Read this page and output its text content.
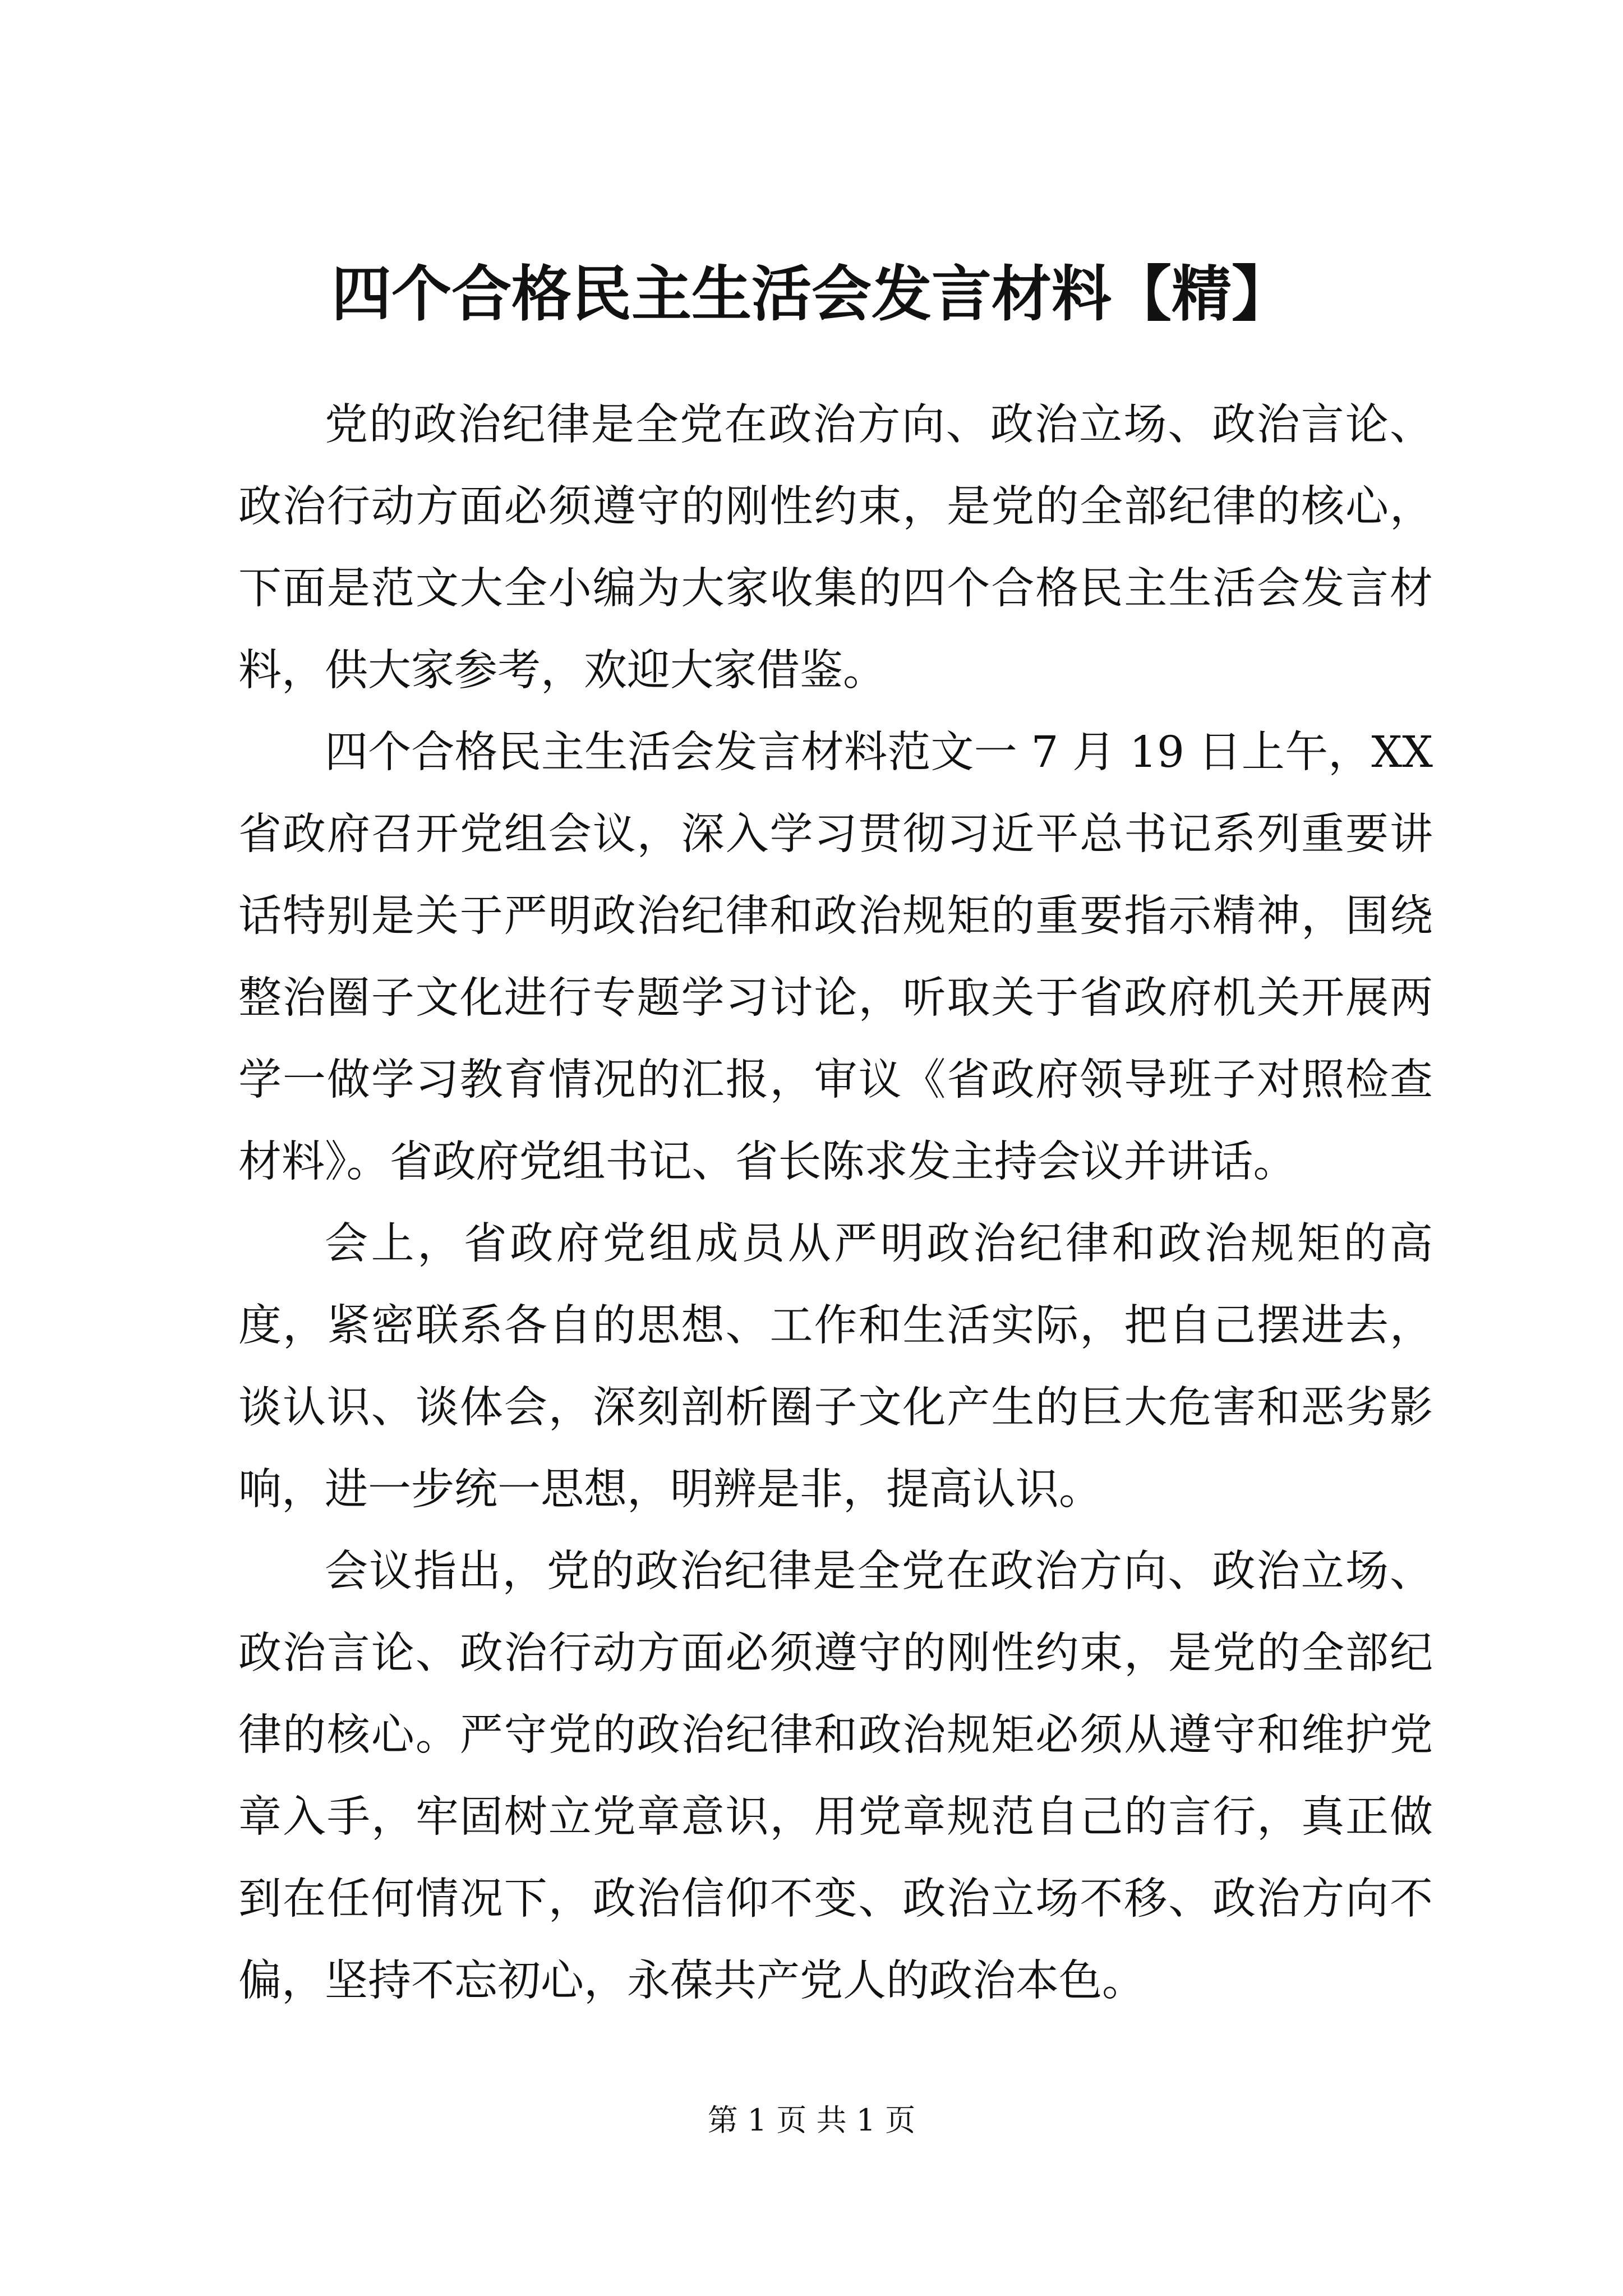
四个合格民主生活会发言材料【精】

党的政治纪律是全党在政治方向、政治立场、政治言论、政治行动方面必须遵守的刚性约束，是党的全部纪律的核心，下面是范文大全小编为大家收集的四个合格民主生活会发言材料，供大家参考，欢迎大家借鉴。

四个合格民主生活会发言材料范文一 7 月 19 日上午，XX 省政府召开党组会议，深入学习贯彻习近平总书记系列重要讲话特别是关于严明政治纪律和政治规矩的重要指示精神，围绕整治圈子文化进行专题学习讨论，听取关于省政府机关开展两学一做学习教育情况的汇报，审议《省政府领导班子对照检查材料》。省政府党组书记、省长陈求发主持会议并讲话。

会上，省政府党组成员从严明政治纪律和政治规矩的高度，紧密联系各自的思想、工作和生活实际，把自己摆进去，谈认识、谈体会，深刻剖析圈子文化产生的巨大危害和恶劣影响，进一步统一思想，明辨是非，提高认识。

会议指出，党的政治纪律是全党在政治方向、政治立场、政治言论、政治行动方面必须遵守的刚性约束，是党的全部纪律的核心。严守党的政治纪律和政治规矩必须从遵守和维护党章入手，牢固树立党章意识，用党章规范自己的言行，真正做到在任何情况下，政治信仰不变、政治立场不移、政治方向不偏，坚持不忘初心，永葆共产党人的政治本色。

第 1 页 共 1 页
